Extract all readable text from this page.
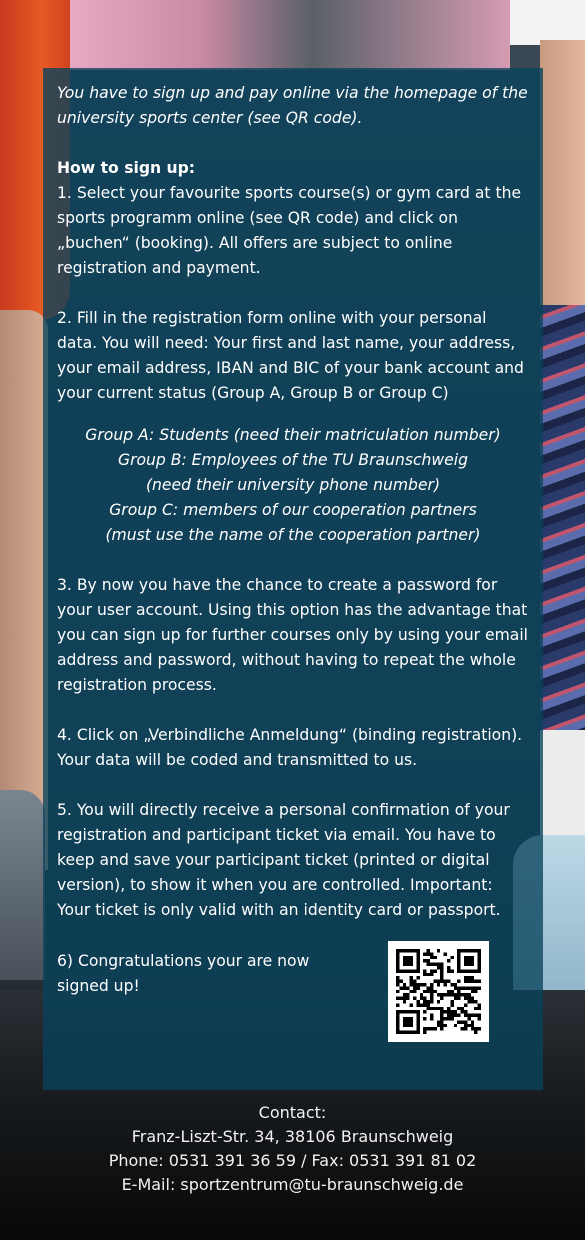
You have to sign up and pay online via the homepage of the university sports center (see QR code).

How to sign up:

1. Select your favourite sports course(s) or gym card at the sports programm online (see QR code) and click on „buchen“ (booking). All offers are subject to online registration and payment.

2. Fill in the registration form online with your personal data. You will need: Your first and last name, your address, your email address, IBAN and BIC of your bank account and your current status (Group A, Group B or Group C)

Group A: Students (need their matriculation number)

Group B: Employees of the TU Braunschweig

(need their university phone number)

Group C: members of our cooperation partners

(must use the name of the cooperation partner)

3. By now you have the chance to create a password for your user account. Using this option has the advantage that you can sign up for further courses only by using your email address and password, without having to repeat the whole registration process.

4. Click on „Verbindliche Anmeldung“ (binding registration). Your data will be coded and transmitted to us.

5. You will directly receive a personal confirmation of your registration and participant ticket via email. You have to keep and save your participant ticket (printed or digital version), to show it when you are controlled. Important: Your ticket is only valid with an identity card or passport.

6) Congratulations your are now signed up!

Contact:

Franz-Liszt-Str. 34, 38106 Braunschweig

Phone: 0531 391 36 59 / Fax: 0531 391 81 02

E-Mail: sportzentrum@tu-braunschweig.de
